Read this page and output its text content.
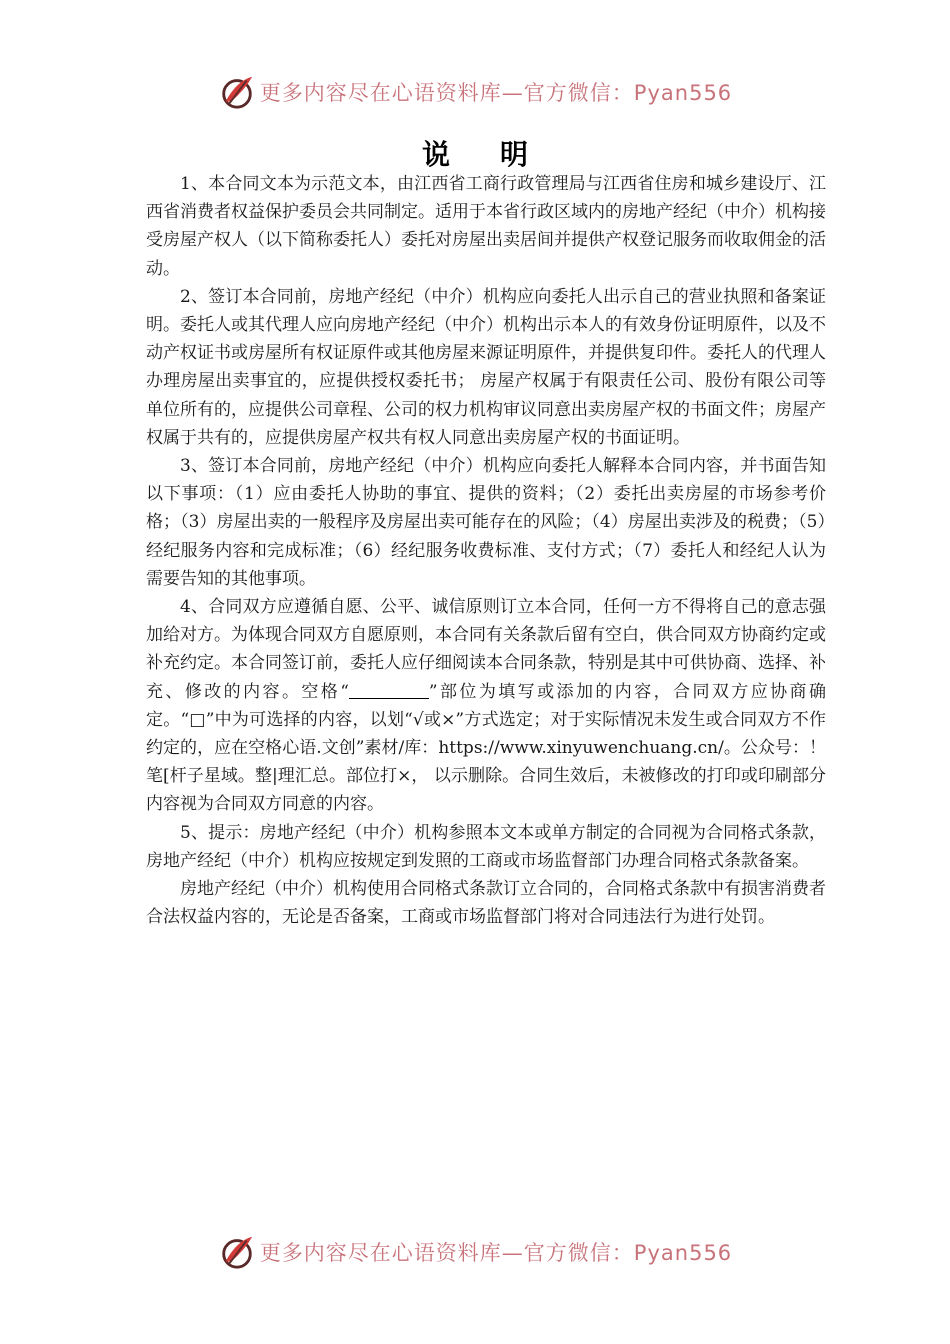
更多内容尽在心语资料库—官方微信：Pyan556
说明

1、本合同文本为示范文本，由江西省工商行政管理局与江西省住房和城乡建设厅、江西省消费者权益保护委员会共同制定。适用于本省行政区域内的房地产经纪（中介）机构接受房屋产权人（以下简称委托人）委托对房屋出卖居间并提供产权登记服务而收取佣金的活动。

2、签订本合同前，房地产经纪（中介）机构应向委托人出示自己的营业执照和备案证明。委托人或其代理人应向房地产经纪（中介）机构出示本人的有效身份证明原件，以及不动产权证书或房屋所有权证原件或其他房屋来源证明原件，并提供复印件。委托人的代理人办理房屋出卖事宜的，应提供授权委托书； 房屋产权属于有限责任公司、股份有限公司等单位所有的，应提供公司章程、公司的权力机构审议同意出卖房屋产权的书面文件；房屋产权属于共有的，应提供房屋产权共有权人同意出卖房屋产权的书面证明。

3、签订本合同前，房地产经纪（中介）机构应向委托人解释本合同内容，并书面告知以下事项：（1）应由委托人协助的事宜、提供的资料；（2）委托出卖房屋的市场参考价格；（3）房屋出卖的一般程序及房屋出卖可能存在的风险；（4）房屋出卖涉及的税费；（5）经纪服务内容和完成标准；（6）经纪服务收费标准、支付方式；（7）委托人和经纪人认为需要告知的其他事项。

4、合同双方应遵循自愿、公平、诚信原则订立本合同，任何一方不得将自己的意志强加给对方。为体现合同双方自愿原则，本合同有关条款后留有空白，供合同双方协商约定或补充约定。本合同签订前，委托人应仔细阅读本合同条款，特别是其中可供协商、选择、补充、修改的内容。空格“	”部位为填写或添加的内容，合同双方应协商确定。“□”中为可选择的内容，以划“√或×”方式选定；对于实际情况未发生或合同双方不作约定的，应在空格心语.文创”素材/库：https://www.xinyuwenchuang.cn/。公众号：！笔[杆子星域。整|理汇总。部位打×， 以示删除。合同生效后，未被修改的打印或印刷部分内容视为合同双方同意的内容。

5、提示：房地产经纪（中介）机构参照本文本或单方制定的合同视为合同格式条款，房地产经纪（中介）机构应按规定到发照的工商或市场监督部门办理合同格式条款备案。

房地产经纪（中介）机构使用合同格式条款订立合同的，合同格式条款中有损害消费者合法权益内容的，无论是否备案，工商或市场监督部门将对合同违法行为进行处罚。

更多内容尽在心语资料库—官方微信：Pyan556
